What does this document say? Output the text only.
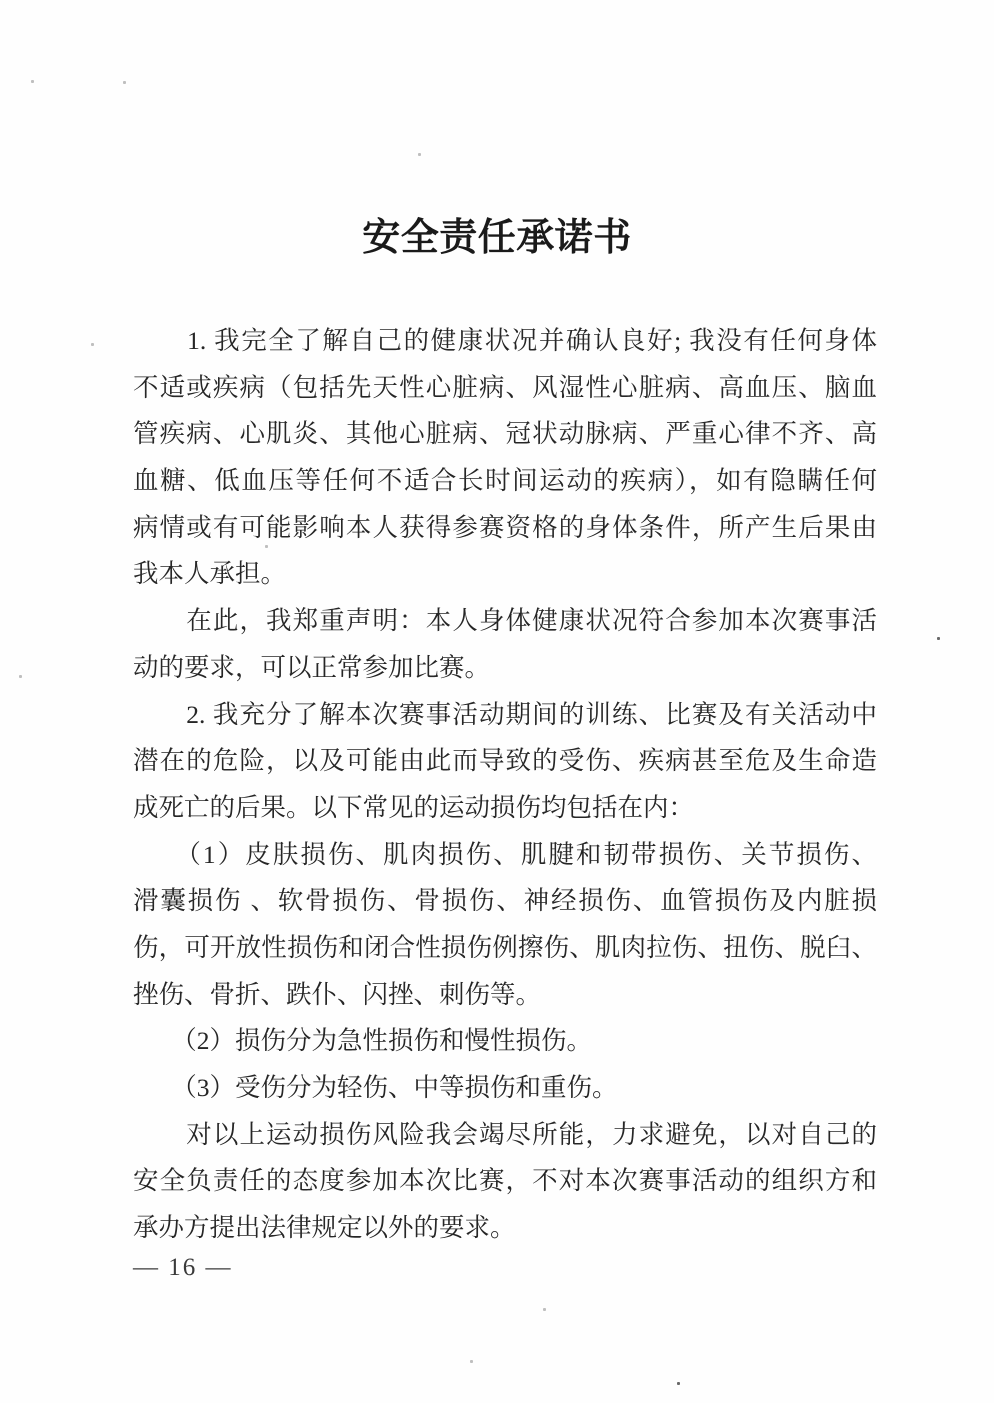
安全责任承诺书
　　1. 我完全了解自己的健康状况并确认良好; 我没有任何身体
不适或疾病（包括先天性心脏病、风湿性心脏病、高血压、脑血
管疾病、心肌炎、其他心脏病、冠状动脉病、严重心律不齐、高
血糖、低血压等任何不适合长时间运动的疾病），如有隐瞒任何
病情或有可能影响本人获得参赛资格的身体条件，所产生后果由
我本人承担。
　　在此，我郑重声明：本人身体健康状况符合参加本次赛事活
动的要求，可以正常参加比赛。
　　2. 我充分了解本次赛事活动期间的训练、比赛及有关活动中
潜在的危险，以及可能由此而导致的受伤、疾病甚至危及生命造
成死亡的后果。以下常见的运动损伤均包括在内：
　　（1）皮肤损伤、肌肉损伤、肌腱和韧带损伤、关节损伤、
滑囊损伤 、软骨损伤、骨损伤、神经损伤、血管损伤及内脏损
伤，可开放性损伤和闭合性损伤例擦伤、肌肉拉伤、扭伤、脱臼、
挫伤、骨折、跌仆、闪挫、刺伤等。
　　（2）损伤分为急性损伤和慢性损伤。
　　（3）受伤分为轻伤、中等损伤和重伤。
　　对以上运动损伤风险我会竭尽所能，力求避免，以对自己的
安全负责任的态度参加本次比赛，不对本次赛事活动的组织方和
承办方提出法律规定以外的要求。
— 16 —
